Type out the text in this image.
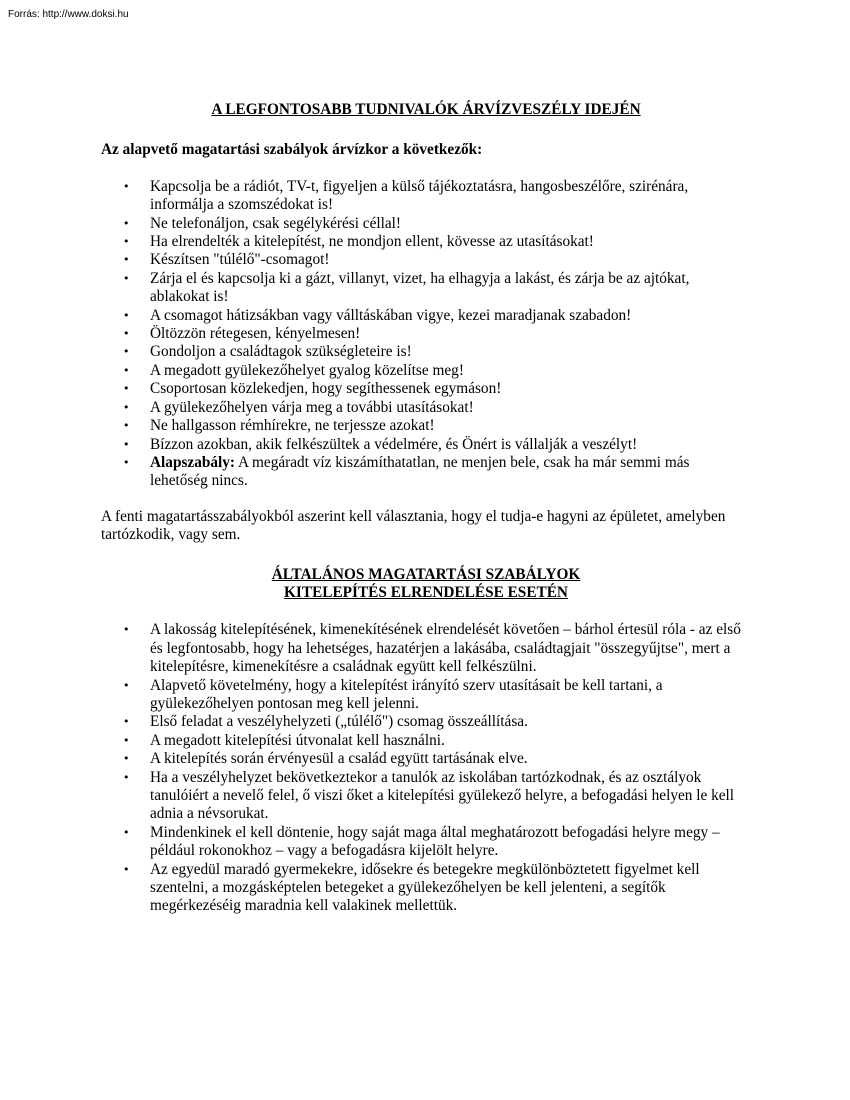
Forrás: http://www.doksi.hu
A LEGFONTOSABB TUDNIVALÓK ÁRVÍZVESZÉLY IDEJÉN

Az alapvető magatartási szabályok árvízkor a következők:

• Kapcsolja be a rádiót, TV-t, figyeljen a külső tájékoztatásra, hangosbeszélőre, szirénára, informálja a szomszédokat is!
• Ne telefonáljon, csak segélykérési céllal!
• Ha elrendelték a kitelepítést, ne mondjon ellent, kövesse az utasításokat!
• Készítsen "túlélő"-csomagot!
• Zárja el és kapcsolja ki a gázt, villanyt, vizet, ha elhagyja a lakást, és zárja be az ajtókat, ablakokat is!
• A csomagot hátizsákban vagy válltáskában vigye, kezei maradjanak szabadon!
• Öltözzön rétegesen, kényelmesen!
• Gondoljon a családtagok szükségleteire is!
• A megadott gyülekezőhelyet gyalog közelítse meg!
• Csoportosan közlekedjen, hogy segíthessenek egymáson!
• A gyülekezőhelyen várja meg a további utasításokat!
• Ne hallgasson rémhírekre, ne terjessze azokat!
• Bízzon azokban, akik felkészültek a védelmére, és Önért is vállalják a veszélyt!
• Alapszabály: A megáradt víz kiszámíthatatlan, ne menjen bele, csak ha már semmi más lehetőség nincs.

A fenti magatartásszabályokból aszerint kell választania, hogy el tudja-e hagyni az épületet, amelyben tartózkodik, vagy sem.

ÁLTALÁNOS MAGATARTÁSI SZABÁLYOK
KITELEPÍTÉS ELRENDELÉSE ESETÉN
• A lakosság kitelepítésének, kimenekítésének elrendelését követően – bárhol értesül róla - az első és legfontosabb, hogy ha lehetséges, hazatérjen a lakásába, családtagjait "összegyűjtse", mert a kitelepítésre, kimenekítésre a családnak együtt kell felkészülni.
• Alapvető követelmény, hogy a kitelepítést irányító szerv utasításait be kell tartani, a gyülekezőhelyen pontosan meg kell jelenni.
• Első feladat a veszélyhelyzeti („túlélő") csomag összeállítása.
• A megadott kitelepítési útvonalat kell használni.
• A kitelepítés során érvényesül a család együtt tartásának elve.
• Ha a veszélyhelyzet bekövetkeztekor a tanulók az iskolában tartózkodnak, és az osztályok tanulóiért a nevelő felel, ő viszi őket a kitelepítési gyülekező helyre, a befogadási helyen le kell adnia a névsorukat.
• Mindenkinek el kell döntenie, hogy saját maga által meghatározott befogadási helyre megy – például rokonokhoz – vagy a befogadásra kijelölt helyre.
• Az egyedül maradó gyermekekre, idősekre és betegekre megkülönböztetett figyelmet kell szentelni, a mozgásképtelen betegeket a gyülekezőhelyen be kell jelenteni, a segítők megérkezéséig maradnia kell valakinek mellettük.
